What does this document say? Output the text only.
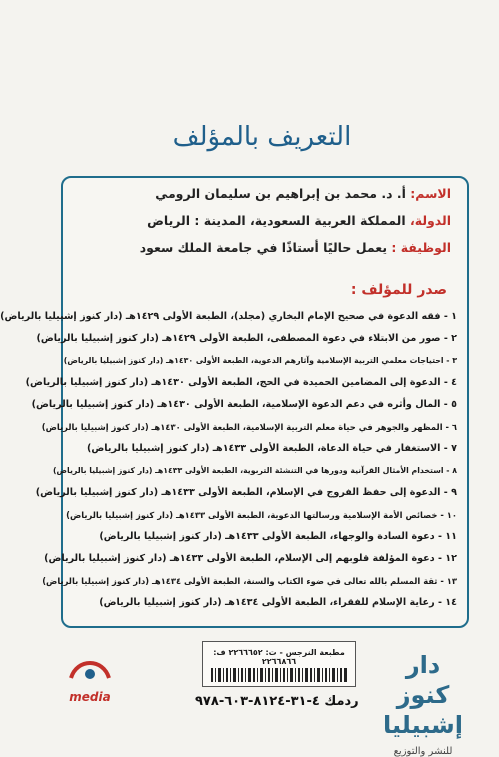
التعريف بالمؤلف
الاسم: أ. د. محمد بن إبراهيم بن سليمان الرومي
الدولة، المملكة العربية السعودية، المدينة : الرياض
الوظيفة : يعمل حاليًا أستاذًا في جامعة الملك سعود
صدر للمؤلف :
١ - فقه الدعوة في صحيح الإمام البخاري (مجلد)، الطبعة الأولى ١٤٢٩هـ (دار كنوز إشبيليا بالرياض)
٢ - صور من الابتلاء في دعوة المصطفى، الطبعة الأولى ١٤٢٩هـ (دار كنوز إشبيليا بالرياض)
٣ - احتياجات معلمي التربية الإسلامية وآثارهم الدعوية، الطبعة الأولى ١٤٣٠هـ (دار كنوز إشبيليا بالرياض)
٤ - الدعوة إلى المضامين الحميدة في الحج، الطبعة الأولى ١٤٣٠هـ (دار كنوز إشبيليا بالرياض)
٥ - المال وأثره في دعم الدعوة الإسلامية، الطبعة الأولى ١٤٣٠هـ (دار كنوز إشبيليا بالرياض)
٦ - المظهر والجوهر في حياة معلم التربية الإسلامية، الطبعة الأولى ١٤٣٠هـ (دار كنوز إشبيليا بالرياض)
٧ - الاستغفار في حياة الدعاة، الطبعة الأولى ١٤٣٣هـ (دار كنوز إشبيليا بالرياض)
٨ - استخدام الأمثال القرآنية ودورها في التنشئة التربوية، الطبعة الأولى ١٤٣٣هـ (دار كنوز إشبيليا بالرياض)
٩ - الدعوة إلى حفظ الفروج في الإسلام، الطبعة الأولى ١٤٣٣هـ (دار كنوز إشبيليا بالرياض)
١٠ - خصائص الأمة الإسلامية ورسالتها الدعوية، الطبعة الأولى ١٤٣٣هـ (دار كنوز إشبيليا بالرياض)
١١ - دعوة السادة والوجهاء، الطبعة الأولى ١٤٣٣هـ (دار كنوز إشبيليا بالرياض)
١٢ - دعوة المؤلفة قلوبهم إلى الإسلام، الطبعة الأولى ١٤٣٣هـ (دار كنوز إشبيليا بالرياض)
١٣ - ثقة المسلم بالله تعالى في ضوء الكتاب والسنة، الطبعة الأولى ١٤٣٤هـ (دار كنوز إشبيليا بالرياض)
١٤ - رعاية الإسلام للفقراء، الطبعة الأولى ١٤٣٤هـ (دار كنوز إشبيليا بالرياض)
دار كنوز إشبيليا
للنشر والتوزيع
مطبعة النرجس - ت: ٢٢٦٦٦٥٢ ف: ٢٢٦٦٨٦٦
ردمك ٤-٣١-٨١٢٤-٦٠٣-٩٧٨
media
